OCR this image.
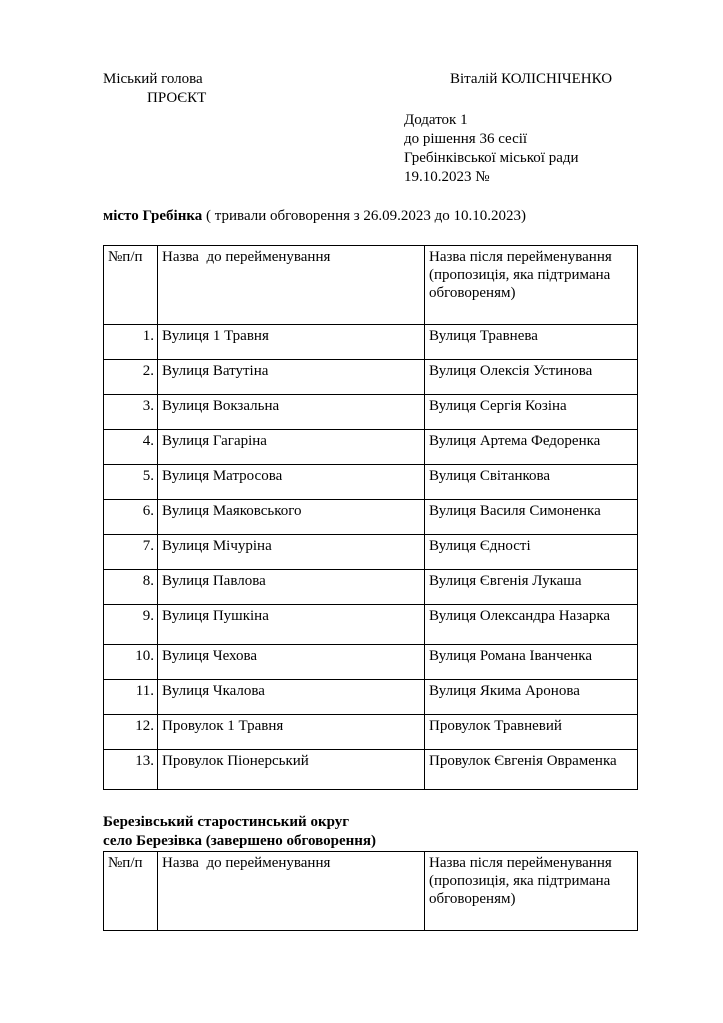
Міський голова	Віталій КОЛІСНІЧЕНКО
ПРОЄКТ
Додаток 1
до рішення 36 сесії
Гребінківської міської ради
19.10.2023 №
місто Гребінка ( тривали обговорення з 26.09.2023 до 10.10.2023)
№п/п	Назва  до перейменування	Назва після перейменування (пропозиція, яка підтримана обговореням)
1.	Вулиця 1 Травня	Вулиця Травнева
2.	Вулиця Ватутіна	Вулиця Олексія Устинова
3.	Вулиця Вокзальна	Вулиця Сергія Козіна
4.	Вулиця Гагаріна	Вулиця Артема Федоренка
5.	Вулиця Матросова	Вулиця Світанкова
6.	Вулиця Маяковського	Вулиця Василя Симоненка
7.	Вулиця Мічуріна	Вулиця Єдності
8.	Вулиця Павлова	Вулиця Євгенія Лукаша
9.	Вулиця Пушкіна	Вулиця Олександра Назарка
10.	Вулиця Чехова	Вулиця Романа Іванченка
11.	Вулиця Чкалова	Вулиця Якима Аронова
12.	Провулок 1 Травня	Провулок Травневий
13.	Провулок Піонерський	Провулок Євгенія Овраменка
Березівський старостинський округ
село Березівка (завершено обговорення)
№п/п	Назва  до перейменування	Назва після перейменування (пропозиція, яка підтримана обговореням)
